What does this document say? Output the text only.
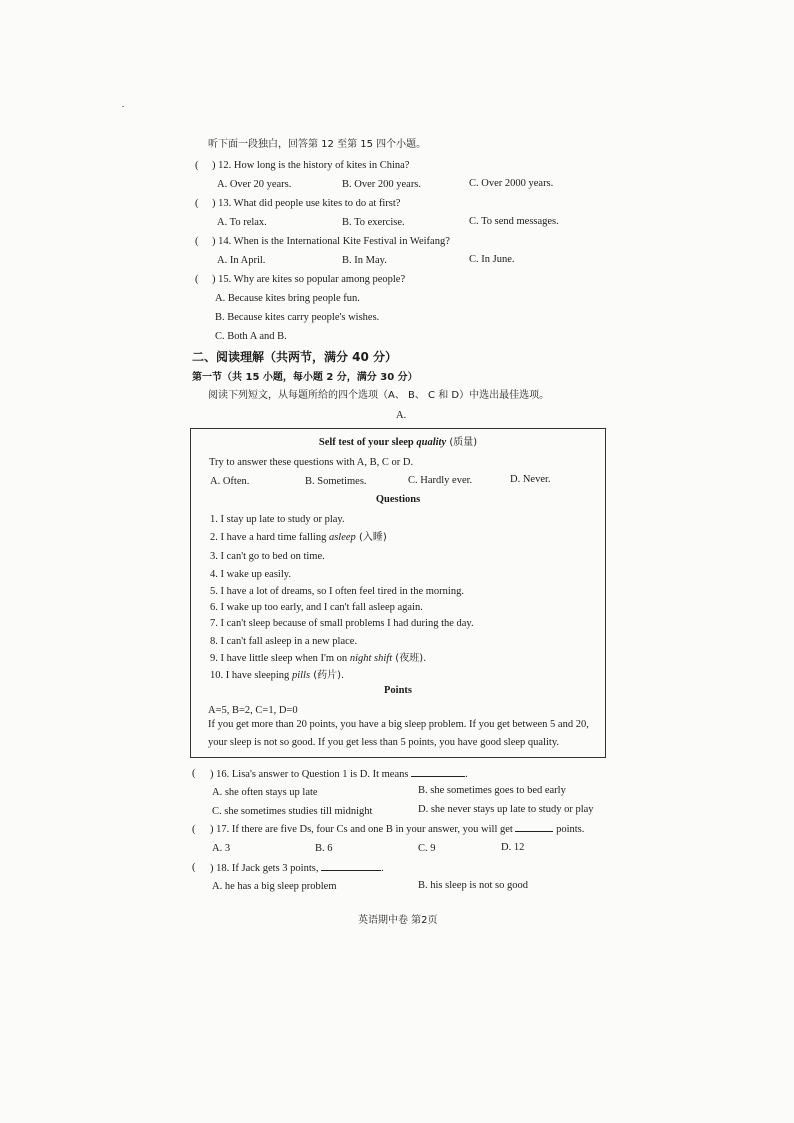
听下面一段独白，回答第 12 至第 15 四个小题。
( ) 12. How long is the history of kites in China?
A. Over 20 years.	B. Over 200 years.	C. Over 2000 years.
( ) 13. What did people use kites to do at first?
A. To relax.	B. To exercise.	C. To send messages.
( ) 14. When is the International Kite Festival in Weifang?
A. In April.	B. In May.	C. In June.
( ) 15. Why are kites so popular among people?
A. Because kites bring people fun.
B. Because kites carry people's wishes.
C. Both A and B.
二、阅读理解（共两节，满分 40 分）
第一节（共 15 小题，每小题 2 分，满分 30 分）
阅读下列短文，从每题所给的四个选项（A、 B、 C 和 D）中选出最佳选项。
A.
Self test of your sleep quality (质量)
Try to answer these questions with A, B, C or D.
A. Often.	B. Sometimes.	C. Hardly ever.	D. Never.
Questions
1. I stay up late to study or play.
2. I have a hard time falling asleep (入睡)
3. I can't go to bed on time.
4. I wake up easily.
5. I have a lot of dreams, so I often feel tired in the morning.
6. I wake up too early, and I can't fall asleep again.
7. I can't sleep because of small problems I had during the day.
8. I can't fall asleep in a new place.
9. I have little sleep when I'm on night shift (夜班).
10. I have sleeping pills (药片).
Points
A=5, B=2, C=1, D=0
If you get more than 20 points, you have a big sleep problem. If you get between 5 and 20,
your sleep is not so good. If you get less than 5 points, you have good sleep quality.
( ) 16. Lisa's answer to Question 1 is D. It means	.
A. she often stays up late	B. she sometimes goes to bed early
C. she sometimes studies till midnight	D. she never stays up late to study or play
( ) 17. If there are five Ds, four Cs and one B in your answer, you will get	points.
A. 3	B. 6	C. 9	D. 12
( ) 18. If Jack gets 3 points,	.
A. he has a big sleep problem	B. his sleep is not so good
英语期中卷 第2页
